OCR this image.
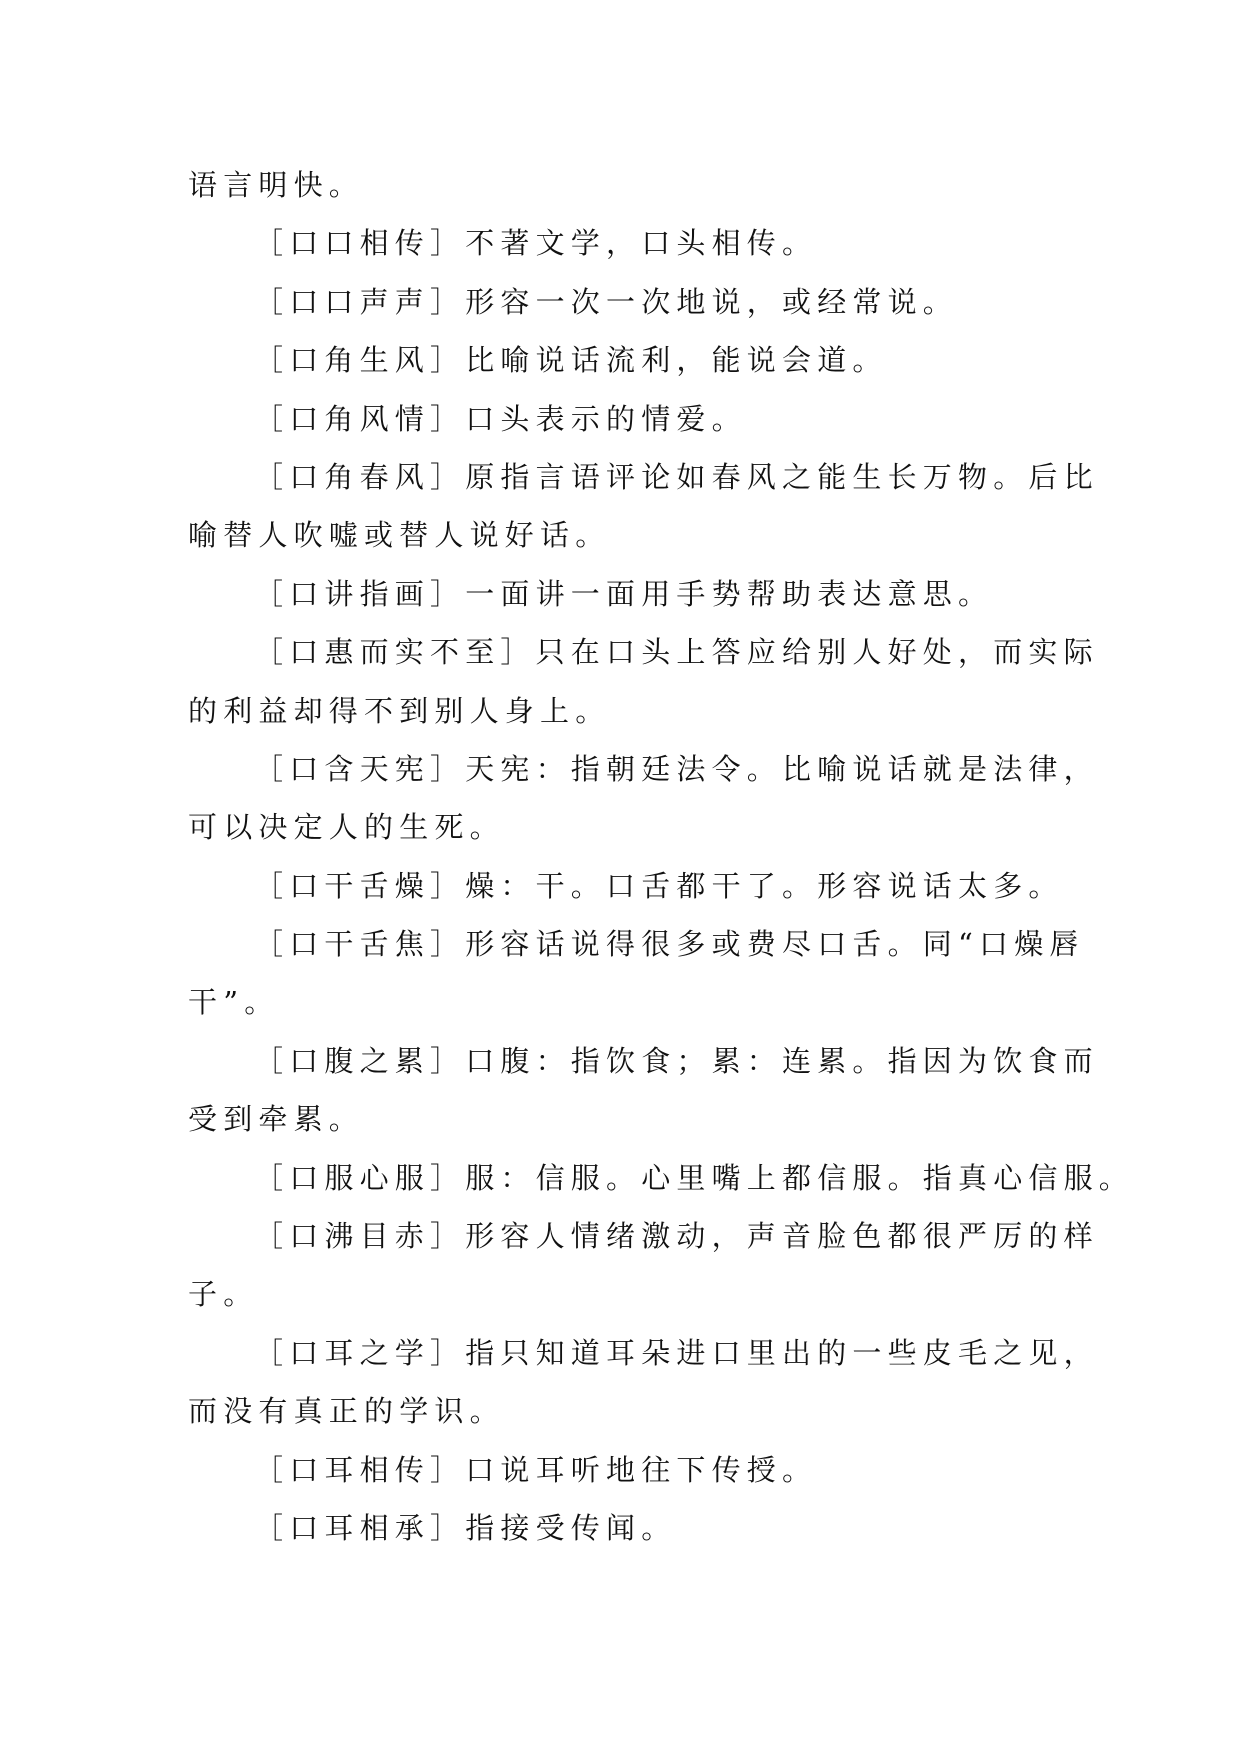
语言明快。
［口口相传］不著文学，口头相传。
［口口声声］形容一次一次地说，或经常说。
［口角生风］比喻说话流利，能说会道。
［口角风情］口头表示的情爱。
［口角春风］原指言语评论如春风之能生长万物。后比
喻替人吹嘘或替人说好话。
［口讲指画］一面讲一面用手势帮助表达意思。
［口惠而实不至］只在口头上答应给别人好处，而实际
的利益却得不到别人身上。
［口含天宪］天宪：指朝廷法令。比喻说话就是法律，
可以决定人的生死。
［口干舌燥］燥：干。口舌都干了。形容说话太多。
［口干舌焦］形容话说得很多或费尽口舌。同“口燥唇
干”。
［口腹之累］口腹：指饮食；累：连累。指因为饮食而
受到牵累。
［口服心服］服：信服。心里嘴上都信服。指真心信服。
［口沸目赤］形容人情绪激动，声音脸色都很严厉的样
子。
［口耳之学］指只知道耳朵进口里出的一些皮毛之见，
而没有真正的学识。
［口耳相传］口说耳听地往下传授。
［口耳相承］指接受传闻。
